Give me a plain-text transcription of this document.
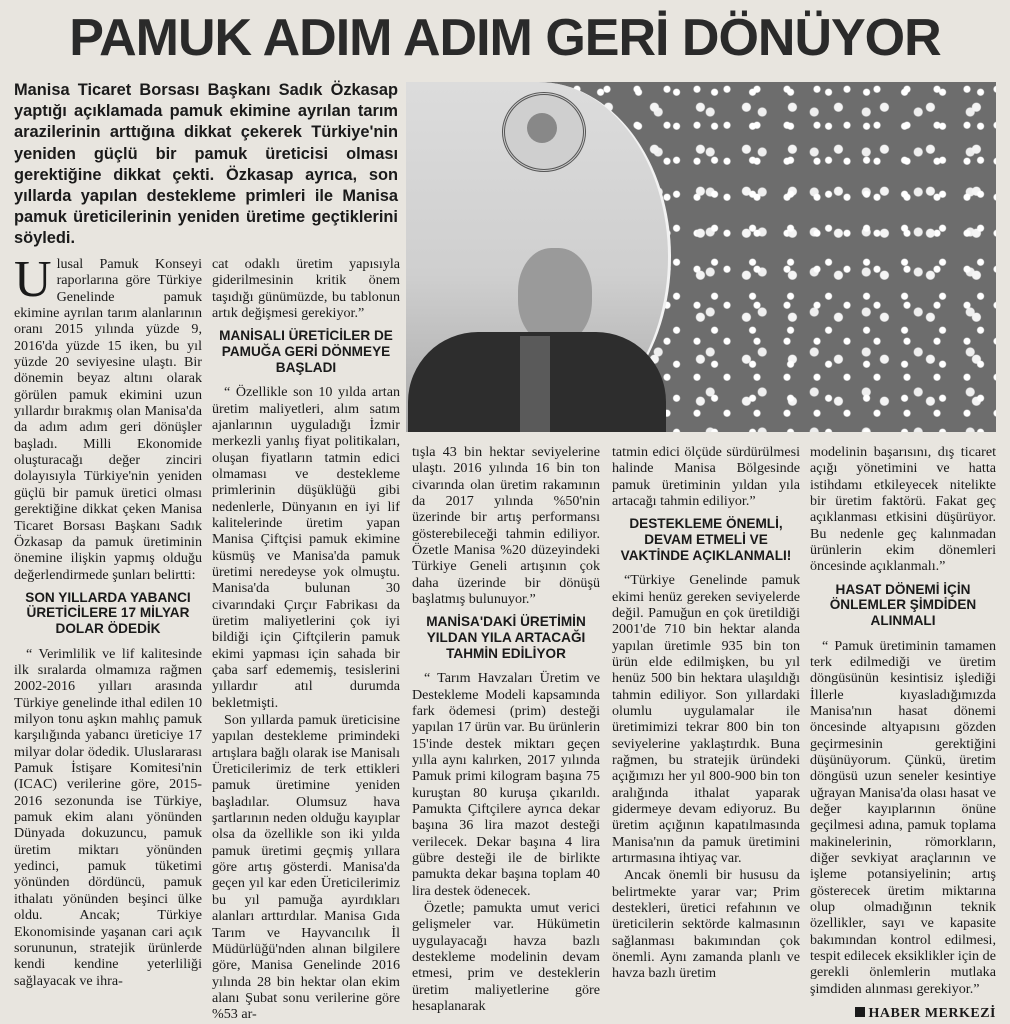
PAMUK ADIM ADIM GERİ DÖNÜYOR

Manisa Ticaret Borsası Başkanı Sadık Özkasap yaptığı açıklamada pamuk ekimine ayrılan tarım arazilerinin arttığına dikkat çekerek Türkiye'nin yeniden güçlü bir pamuk üreticisi olması gerektiğine dikkat çekti. Özkasap ayrıca, son yıllarda yapılan destekleme primleri ile Manisa pamuk üreticilerinin yeniden üretime geçtiklerini söyledi.

Ulusal Pamuk Konseyi raporlarına göre Türkiye Genelinde pamuk ekimine ayrılan tarım alanlarının oranı 2015 yılında yüzde 9, 2016'da yüzde 15 iken, bu yıl yüzde 20 seviyesine ulaştı. Bir dönemin beyaz altını olarak görülen pamuk ekimini uzun yıllardır bırakmış olan Manisa'da da adım adım geri dönüşler başladı. Milli Ekonomide oluşturacağı değer zinciri dolayısıyla Türkiye'nin yeniden güçlü bir pamuk üretici olması gerektiğine dikkat çeken Manisa Ticaret Borsası Başkanı Sadık Özkasap da pamuk üretiminin önemine ilişkin yapmış olduğu değerlendirmede şunları belirtti:

SON YILLARDA YABANCI ÜRETİCİLERE 17 MİLYAR DOLAR ÖDEDİK

“ Verimlilik ve lif kalitesinde ilk sıralarda olmamıza rağmen 2002-2016 yılları arasında Türkiye genelinde ithal edilen 10 milyon tonu aşkın mahlıç pamuk karşılığında yabancı üreticiye 17 milyar dolar ödedik. Uluslararası Pamuk İstişare Komitesi'nin (ICAC) verilerine göre, 2015-2016 sezonunda ise Türkiye, pamuk ekim alanı yönünden Dünyada dokuzuncu, pamuk üretim miktarı yönünden yedinci, pamuk tüketimi yönünden dördüncü, pamuk ithalatı yönünden beşinci ülke oldu. Ancak; Türkiye Ekonomisinde yaşanan cari açık sorununun, stratejik ürünlerde kendi kendine yeterliliği sağlayacak ve ihra-

cat odaklı üretim yapısıyla giderilmesinin kritik önem taşıdığı günümüzde, bu tablonun artık değişmesi gerekiyor.”

MANİSALI ÜRETİCİLER DE PAMUĞA GERİ DÖNMEYE BAŞLADI

“ Özellikle son 10 yılda artan üretim maliyetleri, alım satım ajanlarının uyguladığı İzmir merkezli yanlış fiyat politikaları, oluşan fiyatların tatmin edici olmaması ve destekleme primlerinin düşüklüğü gibi nedenlerle, Dünyanın en iyi lif kalitelerinde üretim yapan Manisa Çiftçisi pamuk ekimine küsmüş ve Manisa'da pamuk üretimi neredeyse yok olmuştu. Manisa'da bulunan 30 civarındaki Çırçır Fabrikası da üretim maliyetlerini çok iyi bildiği için Çiftçilerin pamuk ekimi yapması için sahada bir çaba sarf edememiş, tesislerini yıllardır atıl durumda bekletmişti.

Son yıllarda pamuk üreticisine yapılan destekleme primindeki artışlara bağlı olarak ise Manisalı Üreticilerimiz de terk ettikleri pamuk üretimine yeniden başladılar. Olumsuz hava şartlarının neden olduğu kayıplar olsa da özellikle son iki yılda pamuk üretimi geçmiş yıllara göre artış gösterdi. Manisa'da geçen yıl kar eden Üreticilerimiz bu yıl pamuğa ayırdıkları alanları arttırdılar. Manisa Gıda Tarım ve Hayvancılık İl Müdürlüğü'nden alınan bilgilere göre, Manisa Genelinde 2016 yılında 28 bin hektar olan ekim alanı Şubat sonu verilerine göre %53 ar-

tışla 43 bin hektar seviyelerine ulaştı. 2016 yılında 16 bin ton civarında olan üretim rakamının da 2017 yılında %50'nin üzerinde bir artış performansı gösterebileceği tahmin ediliyor. Özetle Manisa %20 düzeyindeki Türkiye Geneli artışının çok daha üzerinde bir dönüşü başlatmış bulunuyor.”

MANİSA'DAKİ ÜRETİMİN YILDAN YILA ARTACAĞI TAHMİN EDİLİYOR

“ Tarım Havzaları Üretim ve Destekleme Modeli kapsamında fark ödemesi (prim) desteği yapılan 17 ürün var. Bu ürünlerin 15'inde destek miktarı geçen yılla aynı kalırken, 2017 yılında Pamuk primi kilogram başına 75 kuruştan 80 kuruşa çıkarıldı. Pamukta Çiftçilere ayrıca dekar başına 36 lira mazot desteği verilecek. Dekar başına 4 lira gübre desteği ile de birlikte pamukta dekar başına toplam 40 lira destek ödenecek.

Özetle; pamukta umut verici gelişmeler var. Hükümetin uygulayacağı havza bazlı destekleme modelinin devam etmesi, prim ve desteklerin üretim maliyetlerine göre hesaplanarak

tatmin edici ölçüde sürdürülmesi halinde Manisa Bölgesinde pamuk üretiminin yıldan yıla artacağı tahmin ediliyor.”

DESTEKLEME ÖNEMLİ, DEVAM ETMELİ VE VAKTİNDE AÇIKLANMALI!

“Türkiye Genelinde pamuk ekimi henüz gereken seviyelerde değil. Pamuğun en çok üretildiği 2001'de 710 bin hektar alanda yapılan üretimle 935 bin ton ürün elde edilmişken, bu yıl henüz 500 bin hektara ulaşıldığı tahmin ediliyor. Son yıllardaki olumlu uygulamalar ile üretimimizi tekrar 800 bin ton seviyelerine yaklaştırdık. Buna rağmen, bu stratejik üründeki açığımızı her yıl 800-900 bin ton aralığında ithalat yaparak gidermeye devam ediyoruz. Bu üretim açığının kapatılmasında Manisa'nın da pamuk üretimini artırmasına ihtiyaç var.

Ancak önemli bir hususu da belirtmekte yarar var; Prim destekleri, üretici refahının ve üreticilerin sektörde kalmasının sağlanması bakımından çok önemli. Aynı zamanda planlı ve havza bazlı üretim

modelinin başarısını, dış ticaret açığı yönetimini ve hatta istihdamı etkileyecek nitelikte bir üretim faktörü. Fakat geç açıklanması etkisini düşürüyor. Bu nedenle geç kalınmadan ürünlerin ekim dönemleri öncesinde açıklanmalı.”

HASAT DÖNEMİ İÇİN ÖNLEMLER ŞİMDİDEN ALINMALI

“ Pamuk üretiminin tamamen terk edilmediği ve üretim döngüsünün kesintisiz işlediği İllerle kıyasladığımızda Manisa'nın hasat dönemi öncesinde altyapısını gözden geçirmesinin gerektiğini düşünüyorum. Çünkü, üretim döngüsü uzun seneler kesintiye uğrayan Manisa'da olası hasat ve değer kayıplarının önüne geçilmesi adına, pamuk toplama makinelerinin, römorkların, diğer sevkiyat araçlarının ve işleme potansiyelinin; artış gösterecek üretim miktarına olup olmadığının teknik özellikler, sayı ve kapasite bakımından kontrol edilmesi, tespit edilecek eksiklikler için de gerekli önlemlerin mutlaka şimdiden alınması gerekiyor.”

HABER MERKEZİ
